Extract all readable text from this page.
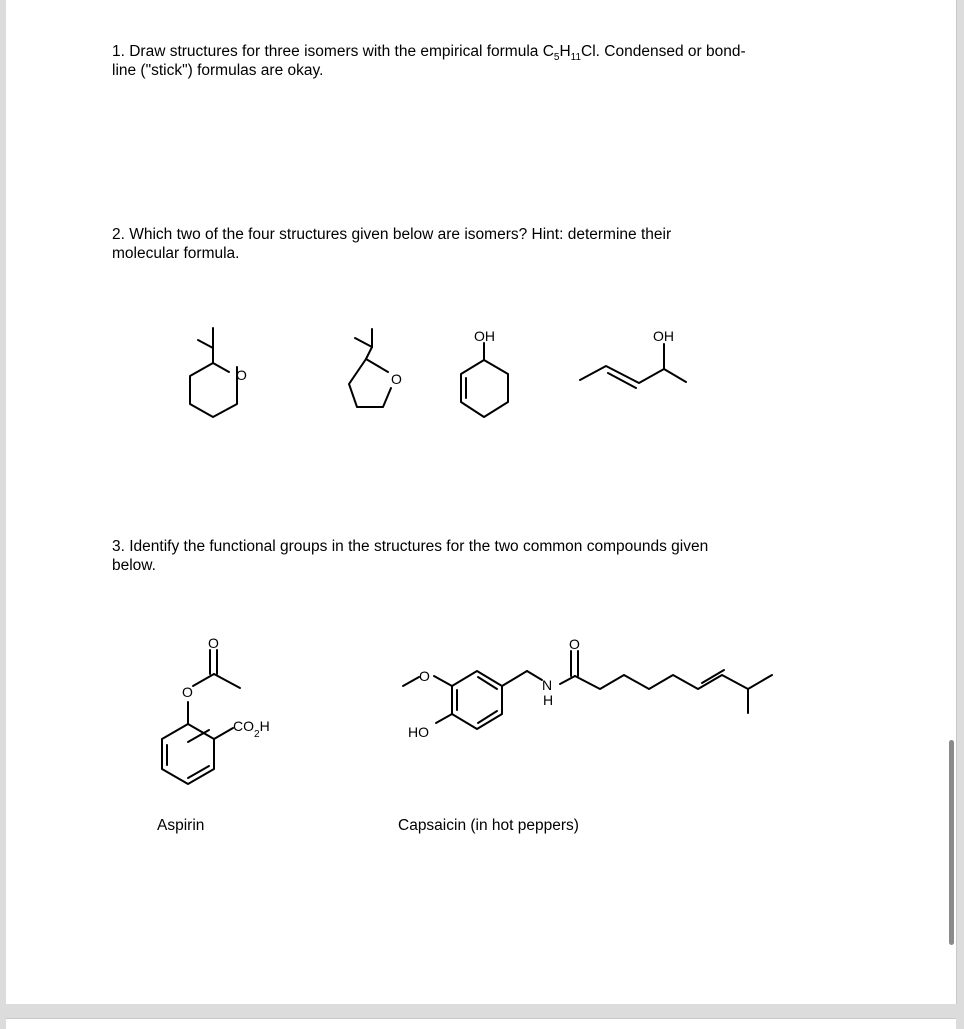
1. Draw structures for three isomers with the empirical formula $C_5H_{11}Cl$. Condensed or bond-
line ("stick") formulas are okay.
2. Which two of the four structures given below are isomers? Hint: determine their
molecular formula.
3. Identify the functional groups in the structures for the two common compounds given
below.
Aspirin	Capsaicin (in hot peppers)
O	O
OH	OH
O
O
$CO_2H$
O
HO
N
H
O
